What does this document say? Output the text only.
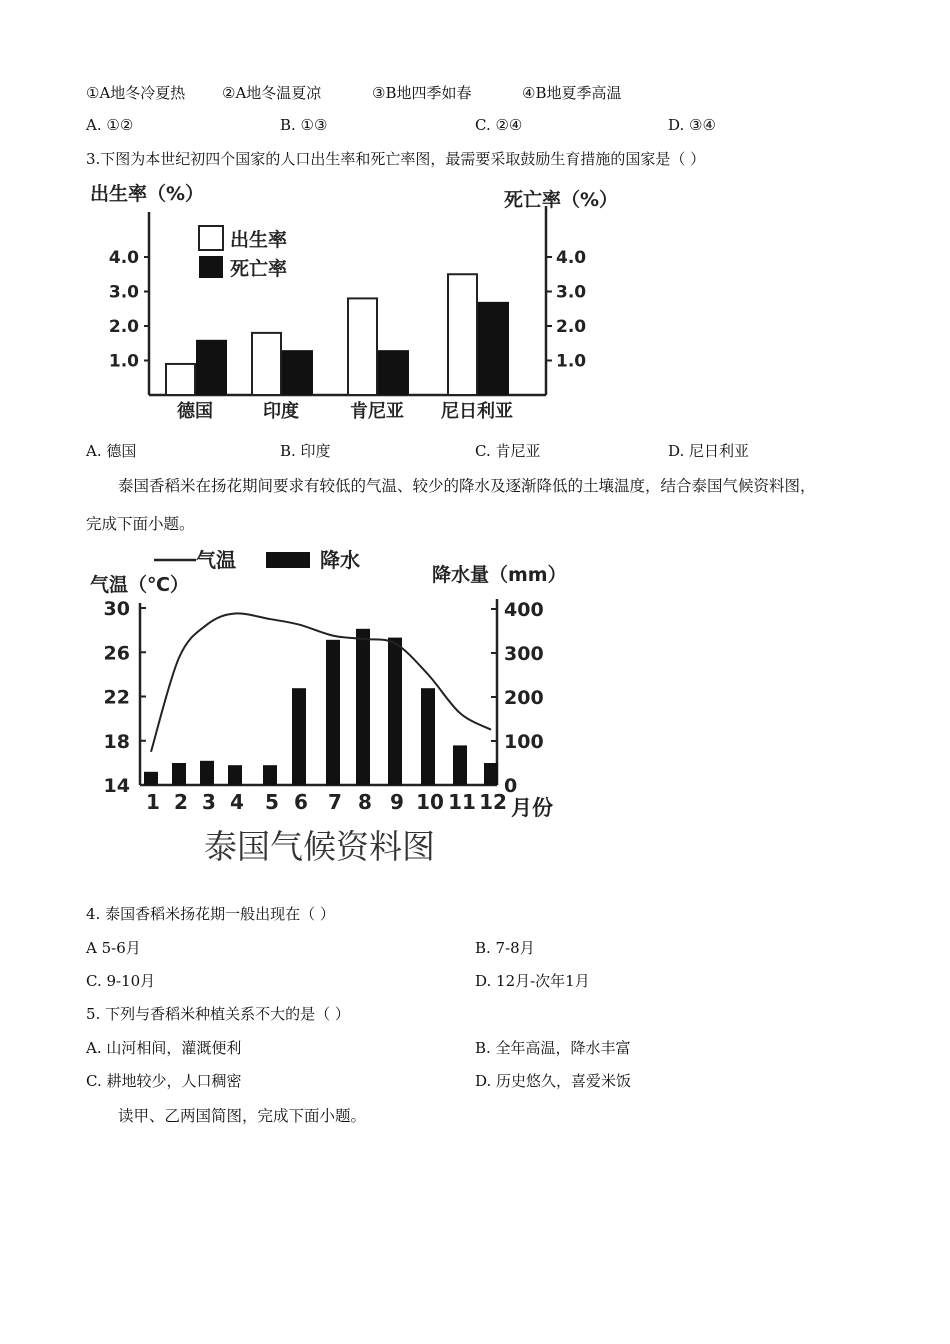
①A地冬冷夏热 ②A地冬温夏凉	③B地四季如春	④B地夏季高温
A. ①②	B. ①③	C. ②④	D. ③④
3.下图为本世纪初四个国家的人口出生率和死亡率图，最需要采取鼓励生育措施的国家是（ ）
出生率（%）	死亡率（%）
出生率
死亡率
4.0
3.0
2.0
1.0
4.0
3.0
2.0
1.0
德国	印度	肯尼亚 尼日利亚
A. 德国	B. 印度	C. 肯尼亚	D. 尼日利亚
泰国香稻米在扬花期间要求有较低的气温、较少的降水及逐渐降低的土壤温度，结合泰国气候资料图，
完成下面小题。
气温	降水
气温（℃）	降水量（mm）
30
26
22
18
14
400
300
200
100
0
1 2 3 4 5 6 7 8 9 10 11 12 月份
泰国气候资料图
4. 泰国香稻米扬花期一般出现在（ ）
A 5-6月	B. 7-8月
C. 9-10月	D. 12月-次年1月
5. 下列与香稻米种植关系不大的是（ ）
A. 山河相间，灌溉便利	B. 全年高温，降水丰富
C. 耕地较少，人口稠密	D. 历史悠久，喜爱米饭
读甲、乙两国简图，完成下面小题。
